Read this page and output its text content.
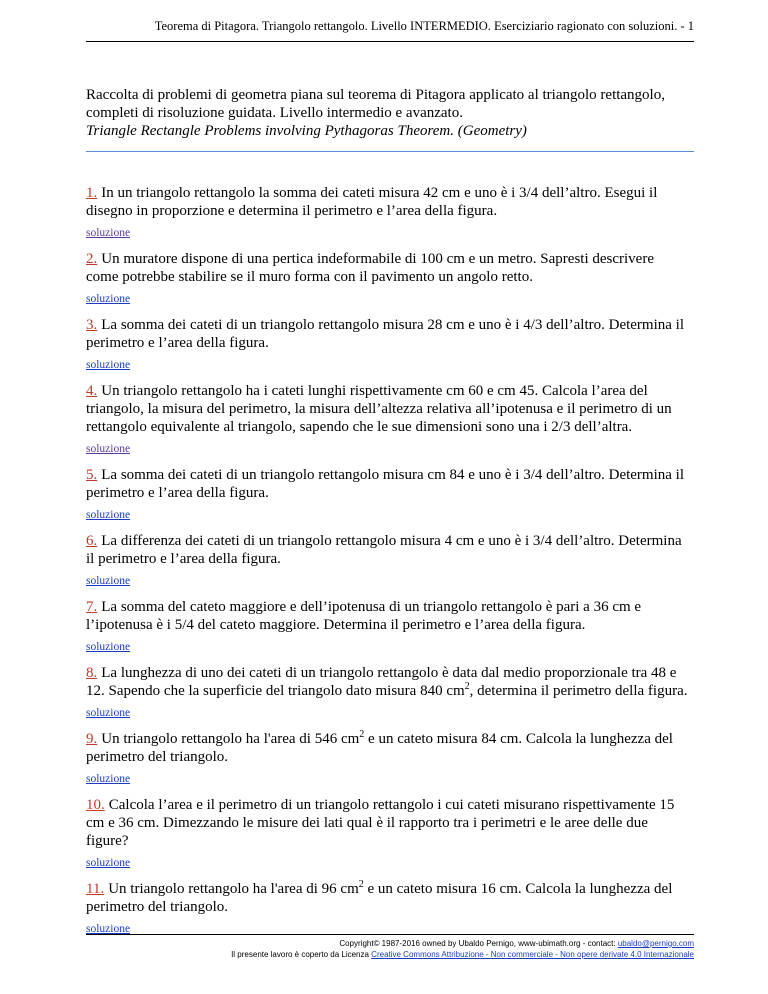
Teorema di Pitagora. Triangolo rettangolo. Livello INTERMEDIO. Eserciziario ragionato con soluzioni. - 1
Raccolta di problemi di geometra piana sul teorema di Pitagora applicato al triangolo rettangolo, completi di risoluzione guidata. Livello intermedio e avanzato.
Triangle Rectangle Problems involving Pythagoras Theorem. (Geometry)
1. In un triangolo rettangolo la somma dei cateti misura 42 cm e uno è i 3/4 dell’altro. Esegui il disegno in proporzione e determina il perimetro e l’area della figura.
soluzione
2. Un muratore dispone di una pertica indeformabile di 100 cm e un metro. Sapresti descrivere come potrebbe stabilire se il muro forma con il pavimento un angolo retto.
soluzione
3. La somma dei cateti di un triangolo rettangolo misura 28 cm e uno è i 4/3 dell’altro. Determina il perimetro e l’area della figura.
soluzione
4. Un triangolo rettangolo ha i cateti lunghi rispettivamente cm 60 e cm 45. Calcola l’area del triangolo, la misura del perimetro, la misura dell’altezza relativa all’ipotenusa e il perimetro di un rettangolo equivalente al triangolo, sapendo che le sue dimensioni sono una i 2/3 dell’altra.
soluzione
5. La somma dei cateti di un triangolo rettangolo misura cm 84 e uno è i 3/4 dell’altro. Determina il perimetro e l’area della figura.
soluzione
6. La differenza dei cateti di un triangolo rettangolo misura 4 cm e uno è i 3/4 dell’altro. Determina il perimetro e l’area della figura.
soluzione
7. La somma del cateto maggiore e dell’ipotenusa di un triangolo rettangolo è pari a 36 cm e l’ipotenusa è i 5/4 del cateto maggiore. Determina il perimetro e l’area della figura.
soluzione
8. La lunghezza di uno dei cateti di un triangolo rettangolo è data dal medio proporzionale tra 48 e 12. Sapendo che la superficie del triangolo dato misura 840 $cm^2$, determina il perimetro della figura.
soluzione
9. Un triangolo rettangolo ha l'area di 546 $cm^2$ e un cateto misura 84 cm. Calcola la lunghezza del perimetro del triangolo.
soluzione
10. Calcola l’area e il perimetro di un triangolo rettangolo i cui cateti misurano rispettivamente 15 cm e 36 cm. Dimezzando le misure dei lati qual è il rapporto tra i perimetri e le aree delle due figure?
soluzione
11. Un triangolo rettangolo ha l'area di 96 $cm^2$ e un cateto misura 16 cm. Calcola la lunghezza del perimetro del triangolo.
soluzione
Copyright© 1987-2016 owned by Ubaldo Pernigo, www-ubimath.org - contact: ubaldo@pernigo.com
Il presente lavoro è coperto da Licenza Creative Commons Attribuzione - Non commerciale - Non opere derivate 4.0 Internazionale
